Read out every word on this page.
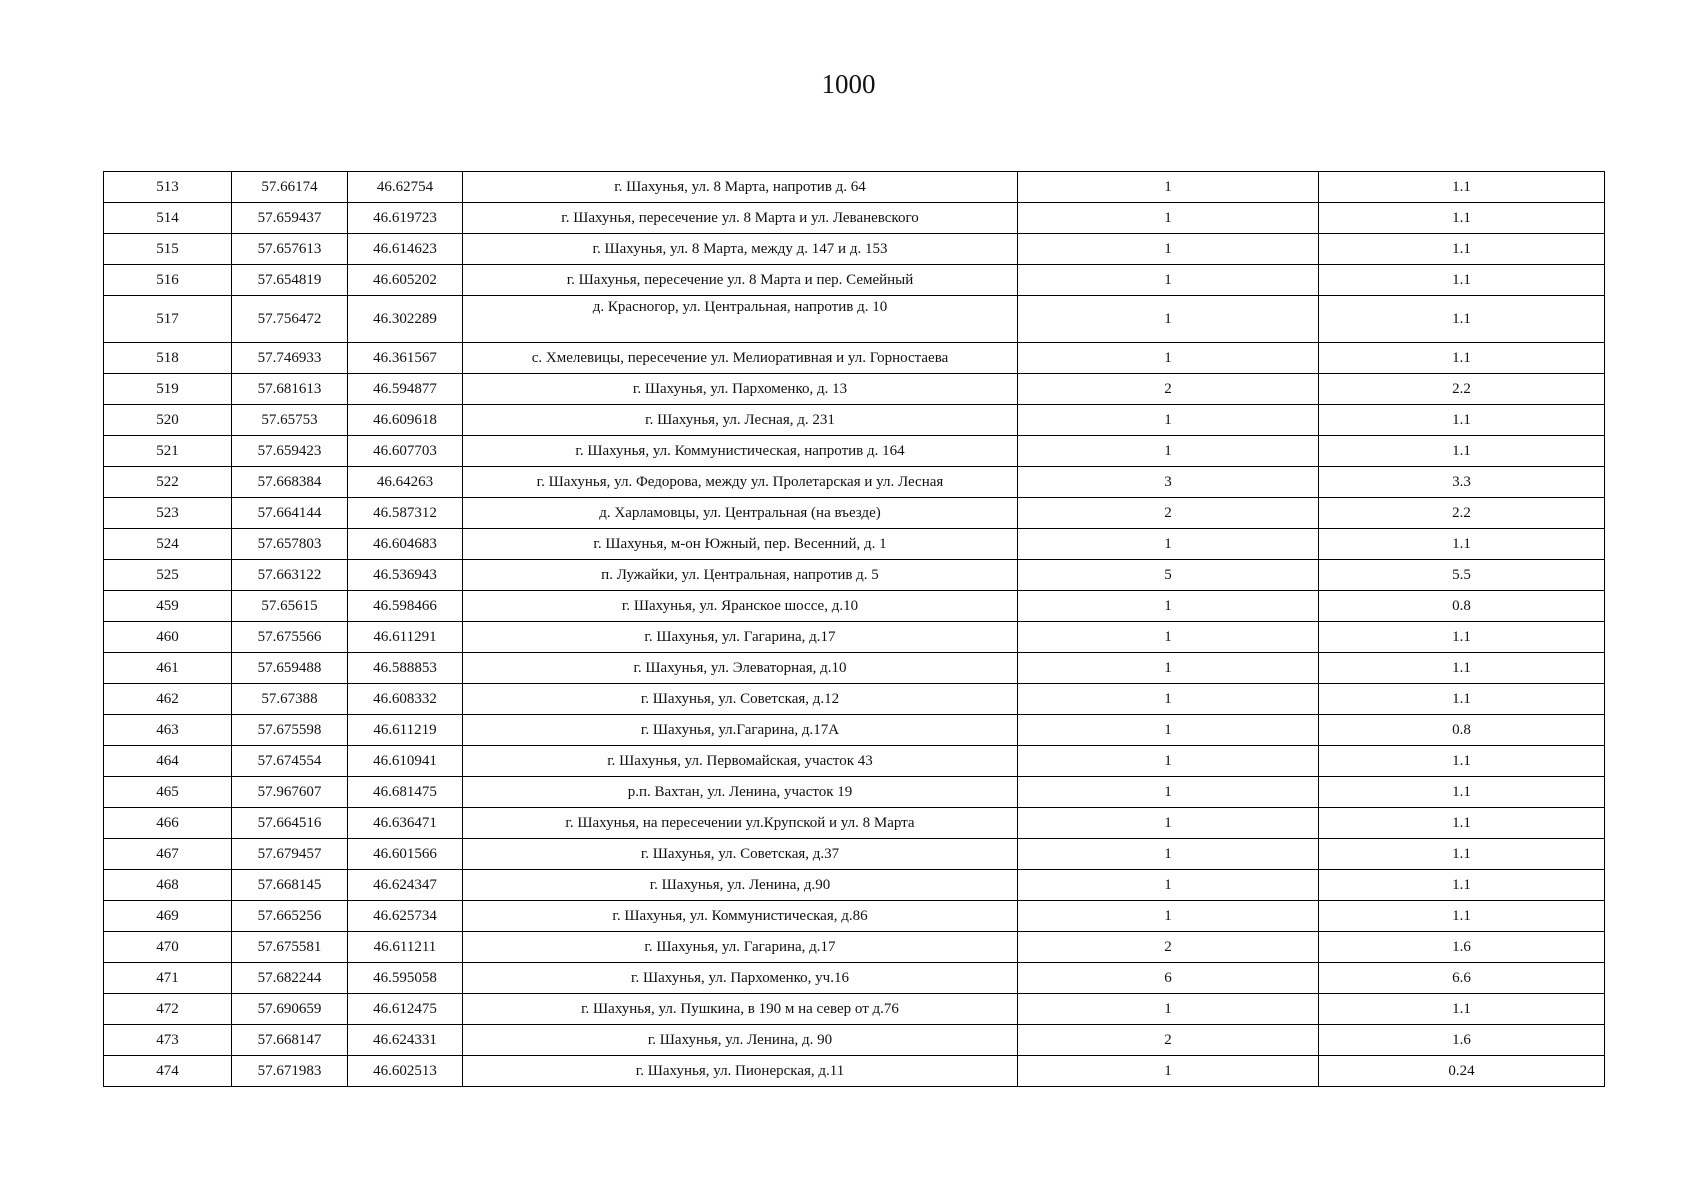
1000
513	57.66174	46.62754	г. Шахунья, ул. 8 Марта, напротив д. 64	1	1.1
514	57.659437	46.619723	г. Шахунья, пересечение ул. 8 Марта и ул. Леваневского	1	1.1
515	57.657613	46.614623	г. Шахунья, ул. 8 Марта, между д. 147 и д. 153	1	1.1
516	57.654819	46.605202	г. Шахунья, пересечение ул. 8 Марта и пер. Семейный	1	1.1
517	57.756472	46.302289	д. Красногор, ул. Центральная, напротив д. 10	1	1.1
518	57.746933	46.361567	с. Хмелевицы, пересечение ул. Мелиоративная и ул. Горностаева	1	1.1
519	57.681613	46.594877	г. Шахунья, ул. Пархоменко, д. 13	2	2.2
520	57.65753	46.609618	г. Шахунья, ул. Лесная, д. 231	1	1.1
521	57.659423	46.607703	г. Шахунья, ул. Коммунистическая, напротив д. 164	1	1.1
522	57.668384	46.64263	г. Шахунья, ул. Федорова, между ул. Пролетарская и ул. Лесная	3	3.3
523	57.664144	46.587312	д. Харламовцы, ул. Центральная (на въезде)	2	2.2
524	57.657803	46.604683	г. Шахунья, м-он Южный, пер. Весенний, д. 1	1	1.1
525	57.663122	46.536943	п. Лужайки, ул. Центральная, напротив д. 5	5	5.5
459	57.65615	46.598466	г. Шахунья, ул. Яранское шоссе, д.10	1	0.8
460	57.675566	46.611291	г. Шахунья, ул. Гагарина, д.17	1	1.1
461	57.659488	46.588853	г. Шахунья, ул. Элеваторная, д.10	1	1.1
462	57.67388	46.608332	г. Шахунья, ул. Советская, д.12	1	1.1
463	57.675598	46.611219	г. Шахунья, ул.Гагарина, д.17А	1	0.8
464	57.674554	46.610941	г. Шахунья, ул. Первомайская, участок 43	1	1.1
465	57.967607	46.681475	р.п. Вахтан, ул. Ленина, участок 19	1	1.1
466	57.664516	46.636471	г. Шахунья, на пересечении ул.Крупской и ул. 8 Марта	1	1.1
467	57.679457	46.601566	г. Шахунья, ул. Советская, д.37	1	1.1
468	57.668145	46.624347	г. Шахунья, ул. Ленина, д.90	1	1.1
469	57.665256	46.625734	г. Шахунья, ул. Коммунистическая, д.86	1	1.1
470	57.675581	46.611211	г. Шахунья, ул. Гагарина, д.17	2	1.6
471	57.682244	46.595058	г. Шахунья, ул. Пархоменко, уч.16	6	6.6
472	57.690659	46.612475	г. Шахунья, ул. Пушкина, в 190 м на север от д.76	1	1.1
473	57.668147	46.624331	г. Шахунья, ул. Ленина, д. 90	2	1.6
474	57.671983	46.602513	г. Шахунья, ул. Пионерская, д.11	1	0.24
